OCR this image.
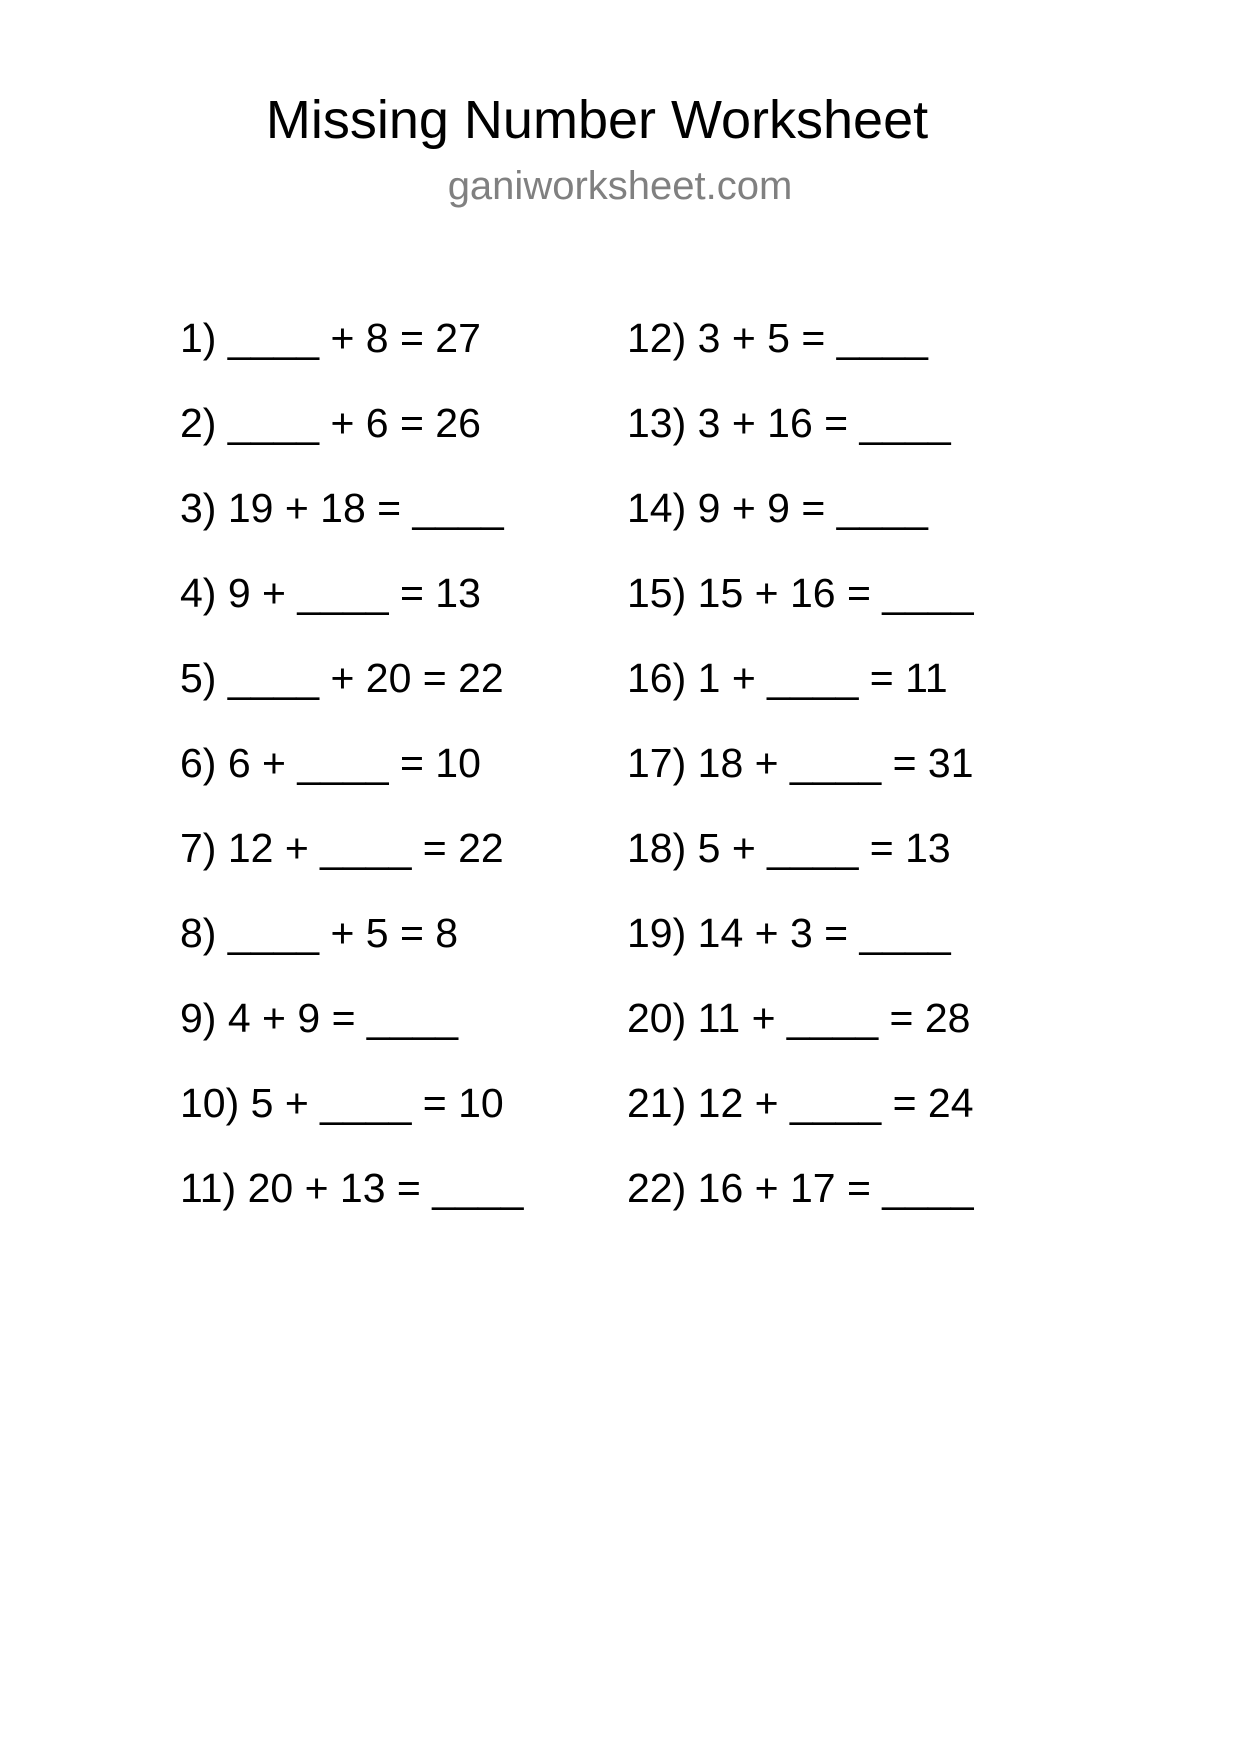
Missing Number Worksheet
ganiworksheet.com
1) ____ + 8 = 27
2) ____ + 6 = 26
3) 19 + 18 = ____
4) 9 + ____ = 13
5) ____ + 20 = 22
6) 6 + ____ = 10
7) 12 + ____ = 22
8) ____ + 5 = 8
9) 4 + 9 = ____
10) 5 + ____ = 10
11) 20 + 13 = ____
12) 3 + 5 = ____
13) 3 + 16 = ____
14) 9 + 9 = ____
15) 15 + 16 = ____
16) 1 + ____ = 11
17) 18 + ____ = 31
18) 5 + ____ = 13
19) 14 + 3 = ____
20) 11 + ____ = 28
21) 12 + ____ = 24
22) 16 + 17 = ____
